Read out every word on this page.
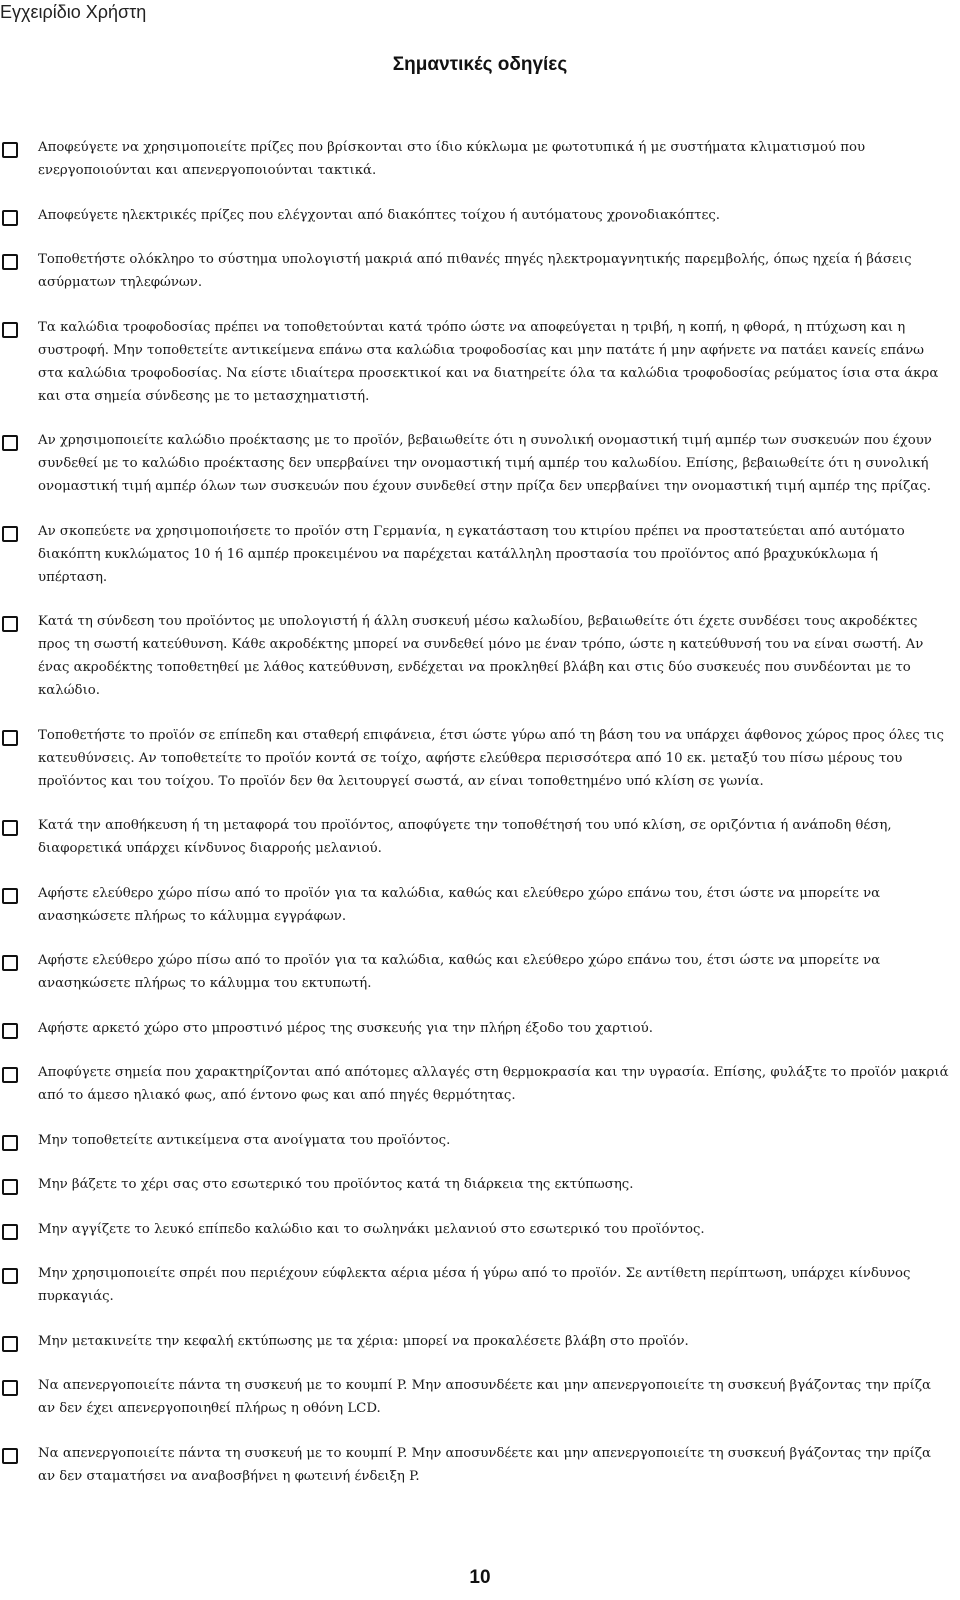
Εγχειρίδιο Χρήστη
Σημαντικές οδηγίες
Αποφεύγετε να χρησιμοποιείτε πρίζες που βρίσκονται στο ίδιο κύκλωμα με φωτοτυπικά ή με συστήματα κλιματισμού που ενεργοποιούνται και απενεργοποιούνται τακτικά.
Αποφεύγετε ηλεκτρικές πρίζες που ελέγχονται από διακόπτες τοίχου ή αυτόματους χρονοδιακόπτες.
Τοποθετήστε ολόκληρο το σύστημα υπολογιστή μακριά από πιθανές πηγές ηλεκτρομαγνητικής παρεμβολής, όπως ηχεία ή βάσεις ασύρματων τηλεφώνων.
Τα καλώδια τροφοδοσίας πρέπει να τοποθετούνται κατά τρόπο ώστε να αποφεύγεται η τριβή, η κοπή, η φθορά, η πτύχωση και η συστροφή. Μην τοποθετείτε αντικείμενα επάνω στα καλώδια τροφοδοσίας και μην πατάτε ή μην αφήνετε να πατάει κανείς επάνω στα καλώδια τροφοδοσίας. Να είστε ιδιαίτερα προσεκτικοί και να διατηρείτε όλα τα καλώδια τροφοδοσίας ρεύματος ίσια στα άκρα και στα σημεία σύνδεσης με το μετασχηματιστή.
Αν χρησιμοποιείτε καλώδιο προέκτασης με το προϊόν, βεβαιωθείτε ότι η συνολική ονομαστική τιμή αμπέρ των συσκευών που έχουν συνδεθεί με το καλώδιο προέκτασης δεν υπερβαίνει την ονομαστική τιμή αμπέρ του καλωδίου. Επίσης, βεβαιωθείτε ότι η συνολική ονομαστική τιμή αμπέρ όλων των συσκευών που έχουν συνδεθεί στην πρίζα δεν υπερβαίνει την ονομαστική τιμή αμπέρ της πρίζας.
Αν σκοπεύετε να χρησιμοποιήσετε το προϊόν στη Γερμανία, η εγκατάσταση του κτιρίου πρέπει να προστατεύεται από αυτόματο διακόπτη κυκλώματος 10 ή 16 αμπέρ προκειμένου να παρέχεται κατάλληλη προστασία του προϊόντος από βραχυκύκλωμα ή υπέρταση.
Κατά τη σύνδεση του προϊόντος με υπολογιστή ή άλλη συσκευή μέσω καλωδίου, βεβαιωθείτε ότι έχετε συνδέσει τους ακροδέκτες προς τη σωστή κατεύθυνση. Κάθε ακροδέκτης μπορεί να συνδεθεί μόνο με έναν τρόπο, ώστε η κατεύθυνσή του να είναι σωστή. Αν ένας ακροδέκτης τοποθετηθεί με λάθος κατεύθυνση, ενδέχεται να προκληθεί βλάβη και στις δύο συσκευές που συνδέονται με το καλώδιο.
Τοποθετήστε το προϊόν σε επίπεδη και σταθερή επιφάνεια, έτσι ώστε γύρω από τη βάση του να υπάρχει άφθονος χώρος προς όλες τις κατευθύνσεις. Αν τοποθετείτε το προϊόν κοντά σε τοίχο, αφήστε ελεύθερα περισσότερα από 10 εκ. μεταξύ του πίσω μέρους του προϊόντος και του τοίχου. Το προϊόν δεν θα λειτουργεί σωστά, αν είναι τοποθετημένο υπό κλίση σε γωνία.
Κατά την αποθήκευση ή τη μεταφορά του προϊόντος, αποφύγετε την τοποθέτησή του υπό κλίση, σε οριζόντια ή ανάποδη θέση, διαφορετικά υπάρχει κίνδυνος διαρροής μελανιού.
Αφήστε ελεύθερο χώρο πίσω από το προϊόν για τα καλώδια, καθώς και ελεύθερο χώρο επάνω του, έτσι ώστε να μπορείτε να ανασηκώσετε πλήρως το κάλυμμα εγγράφων.
Αφήστε ελεύθερο χώρο πίσω από το προϊόν για τα καλώδια, καθώς και ελεύθερο χώρο επάνω του, έτσι ώστε να μπορείτε να ανασηκώσετε πλήρως το κάλυμμα του εκτυπωτή.
Αφήστε αρκετό χώρο στο μπροστινό μέρος της συσκευής για την πλήρη έξοδο του χαρτιού.
Αποφύγετε σημεία που χαρακτηρίζονται από απότομες αλλαγές στη θερμοκρασία και την υγρασία. Επίσης, φυλάξτε το προϊόν μακριά από το άμεσο ηλιακό φως, από έντονο φως και από πηγές θερμότητας.
Μην τοποθετείτε αντικείμενα στα ανοίγματα του προϊόντος.
Μην βάζετε το χέρι σας στο εσωτερικό του προϊόντος κατά τη διάρκεια της εκτύπωσης.
Μην αγγίζετε το λευκό επίπεδο καλώδιο και το σωληνάκι μελανιού στο εσωτερικό του προϊόντος.
Μην χρησιμοποιείτε σπρέι που περιέχουν εύφλεκτα αέρια μέσα ή γύρω από το προϊόν. Σε αντίθετη περίπτωση, υπάρχει κίνδυνος πυρκαγιάς.
Μην μετακινείτε την κεφαλή εκτύπωσης με τα χέρια: μπορεί να προκαλέσετε βλάβη στο προϊόν.
Να απενεργοποιείτε πάντα τη συσκευή με το κουμπί P. Μην αποσυνδέετε και μην απενεργοποιείτε τη συσκευή βγάζοντας την πρίζα αν δεν έχει απενεργοποιηθεί πλήρως η οθόνη LCD.
Να απενεργοποιείτε πάντα τη συσκευή με το κουμπί P. Μην αποσυνδέετε και μην απενεργοποιείτε τη συσκευή βγάζοντας την πρίζα αν δεν σταματήσει να αναβοσβήνει η φωτεινή ένδειξη P.
10
